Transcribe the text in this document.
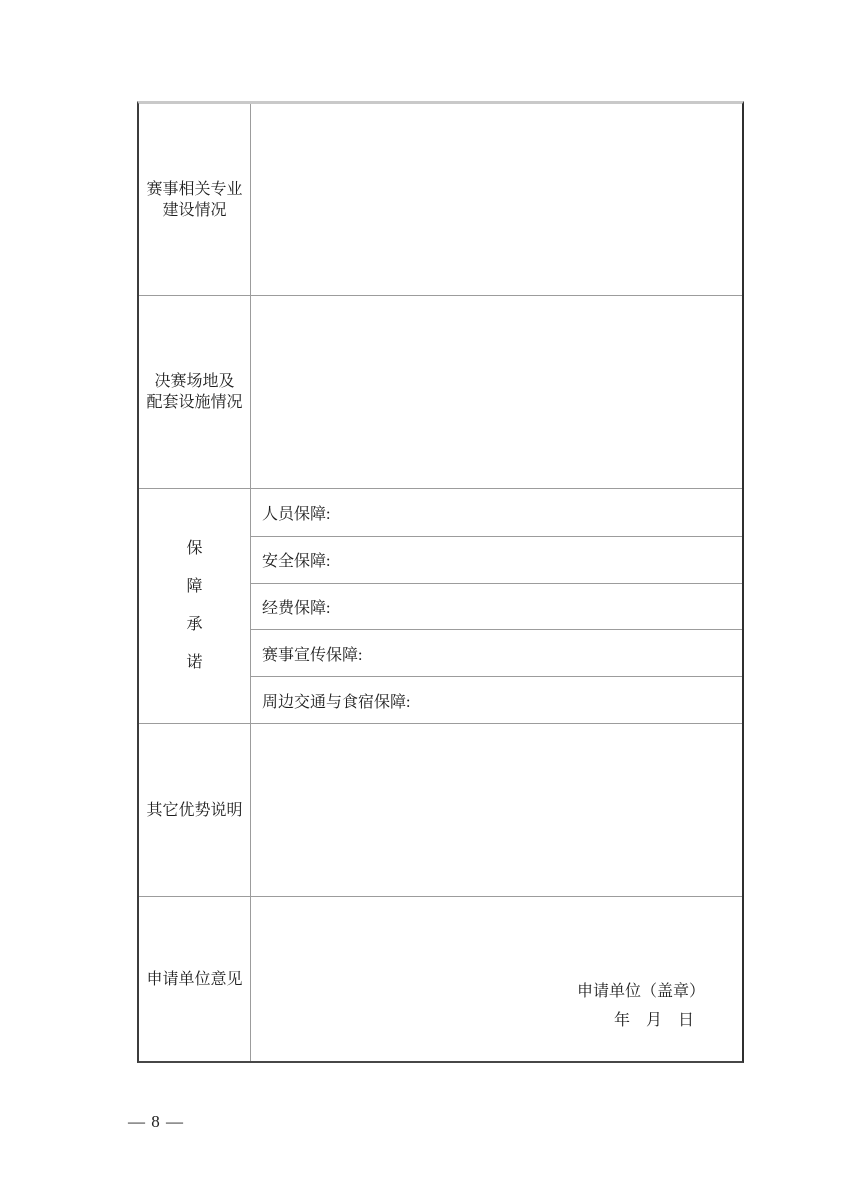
赛事相关专业
建设情况
决赛场地及
配套设施情况
保
障
承
诺
人员保障:
安全保障:
经费保障:
赛事宣传保障:
周边交通与食宿保障:
其它优势说明
申请单位意见
申请单位（盖章）
年　月　日
— 8 —
